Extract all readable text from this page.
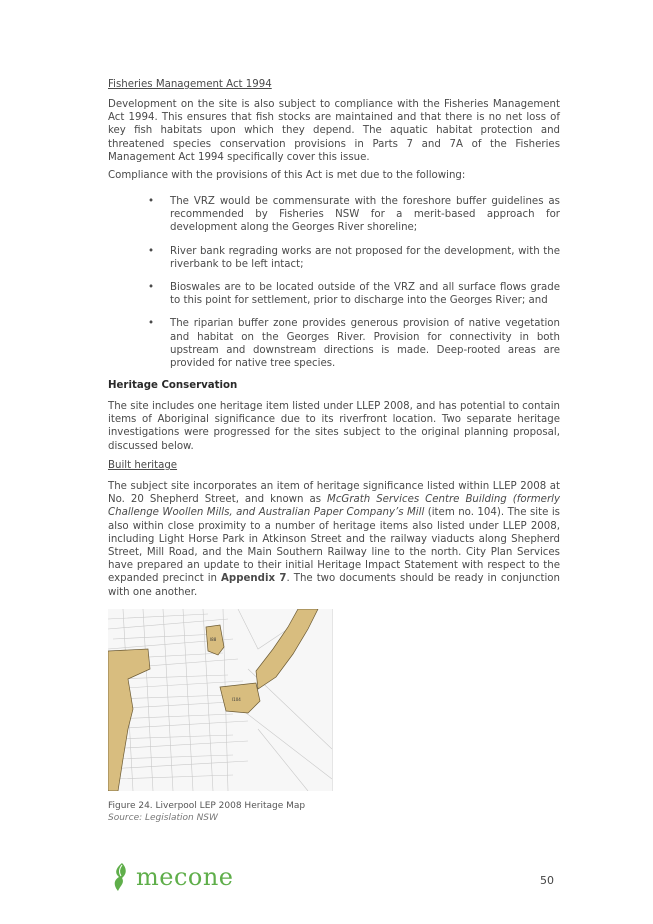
Fisheries Management Act 1994

Development on the site is also subject to compliance with the Fisheries Management Act 1994. This ensures that fish stocks are maintained and that there is no net loss of key fish habitats upon which they depend. The aquatic habitat protection and threatened species conservation provisions in Parts 7 and 7A of the Fisheries Management Act 1994 specifically cover this issue.

Compliance with the provisions of this Act is met due to the following:

• The VRZ would be commensurate with the foreshore buffer guidelines as recommended by Fisheries NSW for a merit-based approach for development along the Georges River shoreline;
• River bank regrading works are not proposed for the development, with the riverbank to be left intact;
• Bioswales are to be located outside of the VRZ and all surface flows grade to this point for settlement, prior to discharge into the Georges River; and
• The riparian buffer zone provides generous provision of native vegetation and habitat on the Georges River. Provision for connectivity in both upstream and downstream directions is made. Deep-rooted areas are provided for native tree species.

Heritage Conservation

The site includes one heritage item listed under LLEP 2008, and has potential to contain items of Aboriginal significance due to its riverfront location. Two separate heritage investigations were progressed for the sites subject to the original planning proposal, discussed below.

Built heritage

The subject site incorporates an item of heritage significance listed within LLEP 2008 at No. 20 Shepherd Street, and known as McGrath Services Centre Building (formerly Challenge Woollen Mills, and Australian Paper Company’s Mill (item no. 104). The site is also within close proximity to a number of heritage items also listed under LLEP 2008, including Light Horse Park in Atkinson Street and the railway viaducts along Shepherd Street, Mill Road, and the Main Southern Railway line to the north. City Plan Services have prepared an update to their initial Heritage Impact Statement with respect to the expanded precinct in Appendix 7. The two documents should be ready in conjunction with one another.

I88
I104
Figure 24. Liverpool LEP 2008 Heritage Map
Source: Legislation NSW
mecone	50
